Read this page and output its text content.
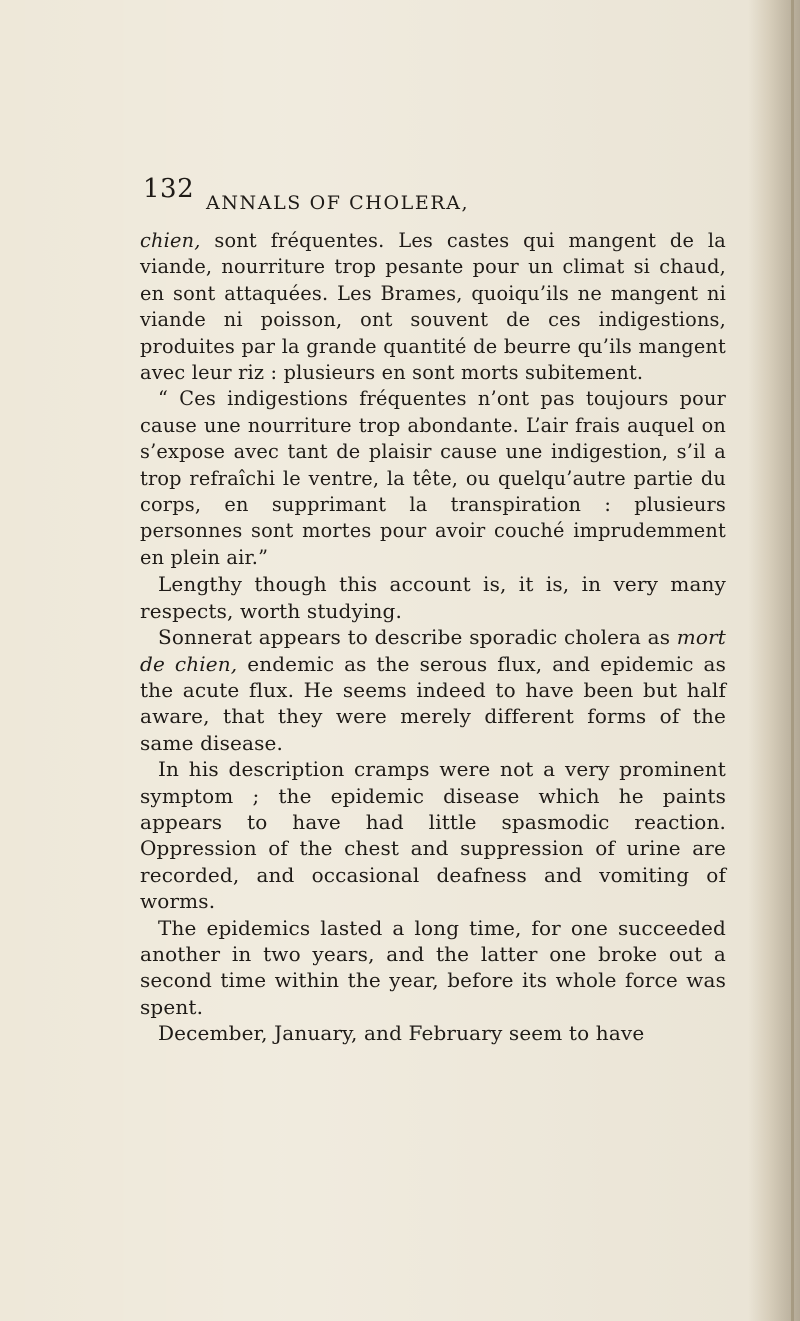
132 ANNALS OF CHOLERA,

chien, sont fréquentes. Les castes qui mangent de la viande, nourriture trop pesante pour un climat si chaud, en sont attaquées. Les Brames, quoiqu’ils ne mangent ni viande ni poisson, ont souvent de ces indigestions, produites par la grande quantité de beurre qu’ils mangent avec leur riz : plusieurs en sont morts subitement.

“ Ces indigestions fréquentes n’ont pas toujours pour cause une nourriture trop abondante. L’air frais auquel on s’expose avec tant de plaisir cause une indigestion, s’il a trop refraîchi le ventre, la tête, ou quelqu’autre partie du corps, en supprimant la transpiration : plusieurs personnes sont mortes pour avoir couché imprudemment en plein air.”

Lengthy though this account is, it is, in very many respects, worth studying.

Sonnerat appears to describe sporadic cholera as mort de chien, endemic as the serous flux, and epidemic as the acute flux. He seems indeed to have been but half aware, that they were merely different forms of the same disease.

In his description cramps were not a very prominent symptom ; the epidemic disease which he paints appears to have had little spasmodic reaction. Oppression of the chest and suppression of urine are recorded, and occasional deafness and vomiting of worms.

The epidemics lasted a long time, for one succeeded another in two years, and the latter one broke out a second time within the year, before its whole force was spent.

December, January, and February seem to have
